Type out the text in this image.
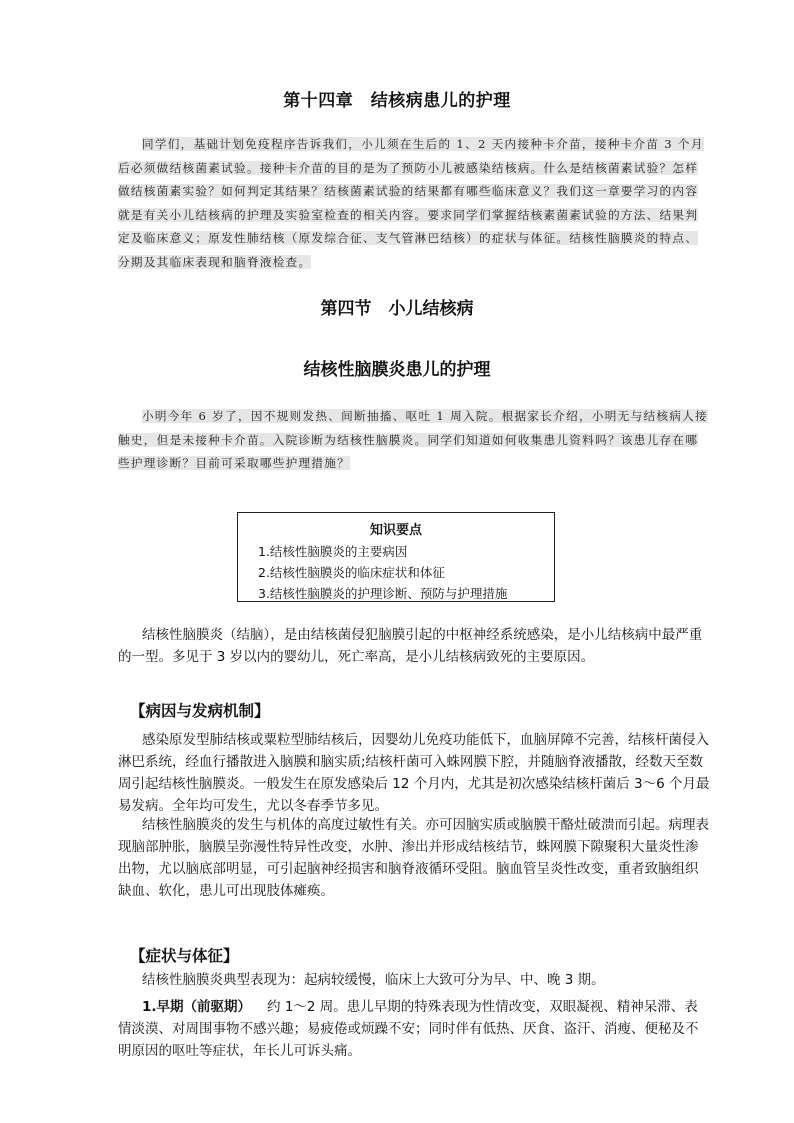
第十四章　结核病患儿的护理
同学们，基础计划免疫程序告诉我们，小儿须在生后的 1、2 天内接种卡介苗，接种卡介苗 3 个月后必须做结核菌素试验。接种卡介苗的目的是为了预防小儿被感染结核病。什么是结核菌素试验？怎样做结核菌素实验？如何判定其结果？结核菌素试验的结果都有哪些临床意义？我们这一章要学习的内容就是有关小儿结核病的护理及实验室检查的相关内容。要求同学们掌握结核素菌素试验的方法、结果判定及临床意义；原发性肺结核（原发综合征、支气管淋巴结核）的症状与体征。结核性脑膜炎的特点、分期及其临床表现和脑脊液检查。
第四节　小儿结核病
结核性脑膜炎患儿的护理
小明今年 6 岁了，因不规则发热、间断抽搐、呕吐 1 周入院。根据家长介绍，小明无与结核病人接触史，但是未接种卡介苗。入院诊断为结核性脑膜炎。同学们知道如何收集患儿资料吗？该患儿存在哪些护理诊断？目前可采取哪些护理措施？
知识要点
1.结核性脑膜炎的主要病因
2.结核性脑膜炎的临床症状和体征
3.结核性脑膜炎的护理诊断、预防与护理措施
结核性脑膜炎（结脑），是由结核菌侵犯脑膜引起的中枢神经系统感染，是小儿结核病中最严重的一型。多见于 3 岁以内的婴幼儿，死亡率高，是小儿结核病致死的主要原因。
【病因与发病机制】
感染原发型肺结核或粟粒型肺结核后，因婴幼儿免疫功能低下，血脑屏障不完善，结核杆菌侵入淋巴系统，经血行播散进入脑膜和脑实质;结核杆菌可入蛛网膜下腔，并随脑脊液播散，经数天至数周引起结核性脑膜炎。一般发生在原发感染后 12 个月内，尤其是初次感染结核杆菌后 3～6 个月最易发病。全年均可发生，尤以冬春季节多见。
结核性脑膜炎的发生与机体的高度过敏性有关。亦可因脑实质或脑膜干酪灶破溃而引起。病理表现脑部肿胀，脑膜呈弥漫性特异性改变，水肿、渗出并形成结核结节，蛛网膜下隙聚积大量炎性渗出物，尤以脑底部明显，可引起脑神经损害和脑脊液循环受阻。脑血管呈炎性改变，重者致脑组织缺血、软化，患儿可出现肢体瘫痪。
【症状与体征】
结核性脑膜炎典型表现为：起病较缓慢，临床上大致可分为早、中、晚 3 期。
1.早期（前驱期） 约 1～2 周。患儿早期的特殊表现为性情改变，双眼凝视、精神呆滞、表情淡漠、对周围事物不感兴趣；易疲倦或烦躁不安；同时伴有低热、厌食、盗汗、消瘦、便秘及不明原因的呕吐等症状，年长儿可诉头痛。
